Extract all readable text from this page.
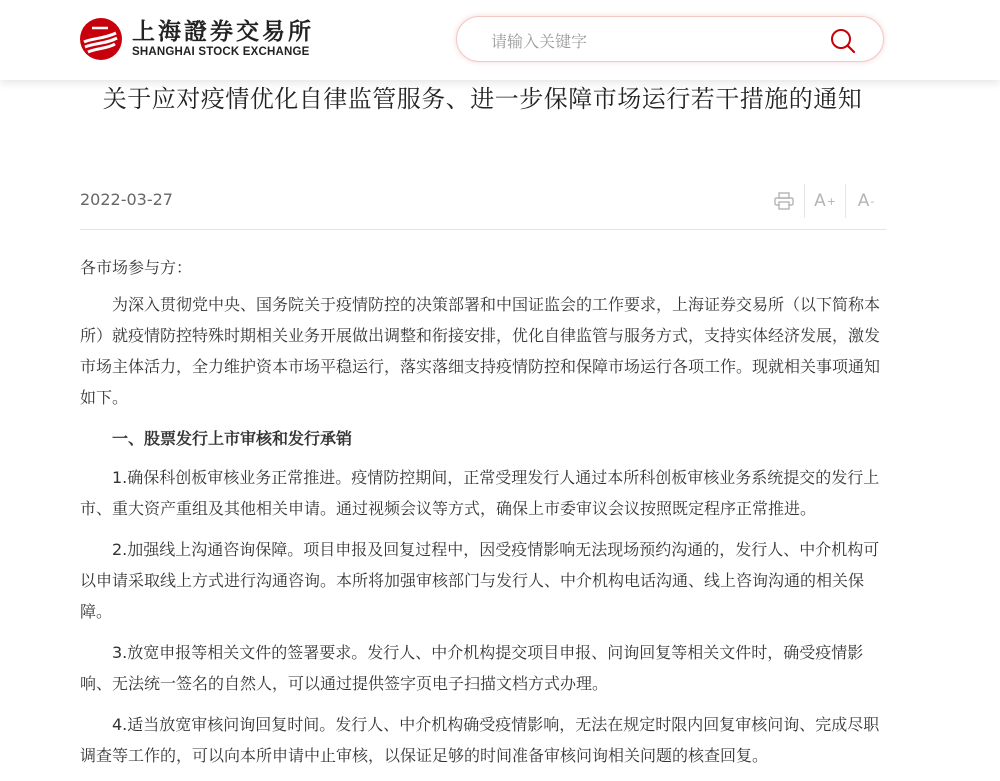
上海證券交易所
SHANGHAI STOCK EXCHANGE
请输入关键字
关于应对疫情优化自律监管服务、进一步保障市场运行若干措施的通知
2022-03-27	A + A -

各市场参与方：

为深入贯彻党中央、国务院关于疫情防控的决策部署和中国证监会的工作要求，上海证券交易所（以下简称本所）就疫情防控特殊时期相关业务开展做出调整和衔接安排，优化自律监管与服务方式，支持实体经济发展，激发市场主体活力，全力维护资本市场平稳运行，落实落细支持疫情防控和保障市场运行各项工作。现就相关事项通知如下。

一、股票发行上市审核和发行承销

1.确保科创板审核业务正常推进。疫情防控期间，正常受理发行人通过本所科创板审核业务系统提交的发行上市、重大资产重组及其他相关申请。通过视频会议等方式，确保上市委审议会议按照既定程序正常推进。

2.加强线上沟通咨询保障。项目申报及回复过程中，因受疫情影响无法现场预约沟通的，发行人、中介机构可以申请采取线上方式进行沟通咨询。本所将加强审核部门与发行人、中介机构电话沟通、线上咨询沟通的相关保障。

3.放宽申报等相关文件的签署要求。发行人、中介机构提交项目申报、问询回复等相关文件时，确受疫情影响、无法统一签名的自然人，可以通过提供签字页电子扫描文档方式办理。

4.适当放宽审核问询回复时间。发行人、中介机构确受疫情影响，无法在规定时限内回复审核问询、完成尽职调查等工作的，可以向本所申请中止审核，以保证足够的时间准备审核问询相关问题的核查回复。
